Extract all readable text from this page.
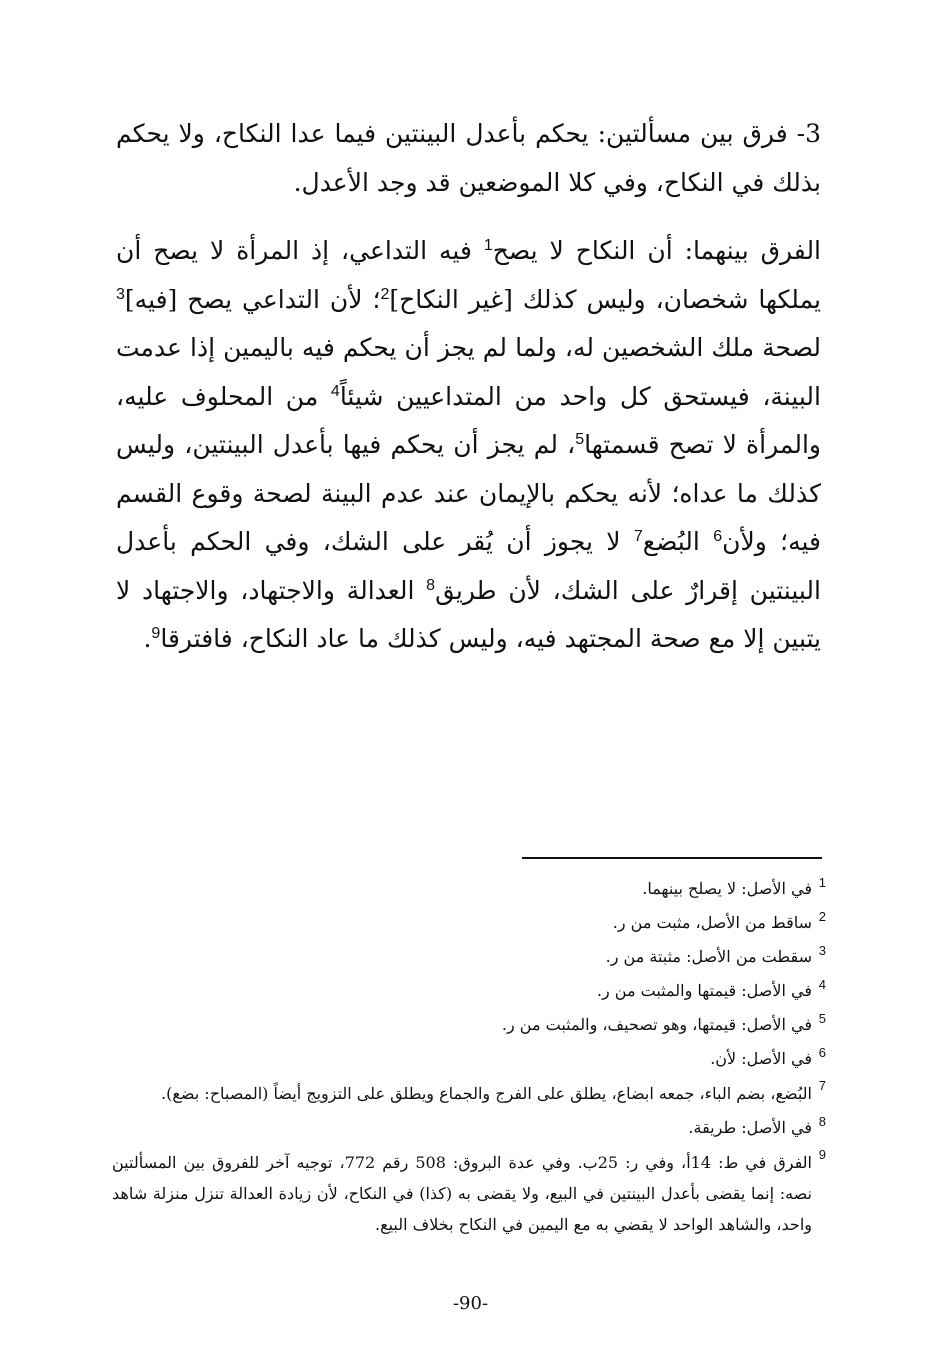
3- فرق بين مسألتين: يحكم بأعدل البينتين فيما عدا النكاح، ولا يحكم بذلك في النكاح، وفي كلا الموضعين قد وجد الأعدل.

الفرق بينهما: أن النكاح لا يصح$^1$ فيه التداعي، إذ المرأة لا يصح أن يملكها شخصان، وليس كذلك [غير النكاح]$^2$؛ لأن التداعي يصح [فيه]$^3$ لصحة ملك الشخصين له، ولما لم يجز أن يحكم فيه باليمين إذا عدمت البينة، فيستحق كل واحد من المتداعيين شيئاً$^4$ من المحلوف عليه، والمرأة لا تصح قسمتها$^5$، لم يجز أن يحكم فيها بأعدل البينتين، وليس كذلك ما عداه؛ لأنه يحكم بالإيمان عند عدم البينة لصحة وقوع القسم فيه؛ ولأن$^6$ البُضع$^7$ لا يجوز أن يُقر على الشك، وفي الحكم بأعدل البينتين إقرارٌ على الشك، لأن طريق$^8$ العدالة والاجتهاد، والاجتهاد لا يتبين إلا مع صحة المجتهد فيه، وليس كذلك ما عاد النكاح، فافترقا$^9$.

1
في الأصل: لا يصلح بينهما.
2
ساقط من الأصل، مثبت من ر.
3
سقطت من الأصل: مثبتة من ر.
4
في الأصل: قيمتها والمثبت من ر.
5
في الأصل: قيمتها، وهو تصحيف، والمثبت من ر.
6
في الأصل: لأن.
7
البُضع، بضم الباء، جمعه ابضاع، يطلق على الفرج والجماع ويطلق على التزويج أيضاً (المصباح: بضع).
8
في الأصل: طريقة.
9
الفرق في ط: 14أ، وفي ر: 25ب. وفي عدة البروق: 508 رقم 772، توجيه آخر للفروق بين المسألتين نصه: إنما يقضى بأعدل البينتين في البيع، ولا يقضى به (كذا) في النكاح، لأن زيادة العدالة تنزل منزلة شاهد واحد، والشاهد الواحد لا يقضي به مع اليمين في النكاح بخلاف البيع.
-90-
